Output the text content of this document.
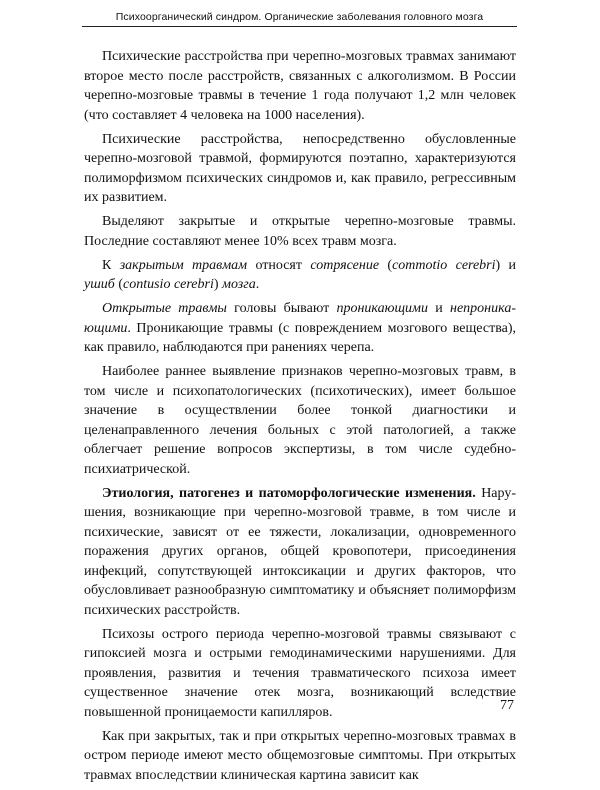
Психоорганический синдром. Органические заболевания головного мозга

Психические расстройства при черепно-мозговых травмах занимают второе место после расстройств, связанных с алкоголизмом. В России черепно-мозговые травмы в течение 1 года получают 1,2 млн человек (что составляет 4 человека на 1000 населения).

Психические расстройства, непосредственно обусловленные черепно-мозговой травмой, формируются поэтапно, характеризуются полиморфизмом психических синдромов и, как правило, регрессивным их развитием.

Выделяют закрытые и открытые черепно-мозговые травмы. Последние составляют менее 10% всех травм мозга.

К закрытым травмам относят сотрясение (commotio cerebri) и ушиб (contusio cerebri) мозга.

Открытые травмы головы бывают проникающими и непроникающими. Проникающие травмы (с повреждением мозгового вещества), как правило, наблюдаются при ранениях черепа.

Наиболее раннее выявление признаков черепно-мозговых травм, в том числе и психопатологических (психотических), имеет большое значение в осуществлении более тонкой диагностики и целенаправленного лечения больных с этой патологией, а также облегчает решение вопросов экспертизы, в том числе судебно-психиатрической.

Этиология, патогенез и патоморфологические изменения. Нарушения, возникающие при черепно-мозговой травме, в том числе и психические, зависят от ее тяжести, локализации, одновременного поражения других органов, общей кровопотери, присоединения инфекций, сопутствующей интоксикации и других факторов, что обусловливает разнообразную симптоматику и объясняет полиморфизм психических расстройств.

Психозы острого периода черепно-мозговой травмы связывают с гипоксией мозга и острыми гемодинамическими нарушениями. Для проявления, развития и течения травматического психоза имеет существенное значение отек мозга, возникающий вследствие повышенной проницаемости капилляров.

Как при закрытых, так и при открытых черепно-мозговых травмах в остром периоде имеют место общемозговые симптомы. При открытых травмах впоследствии клиническая картина зависит как

77
